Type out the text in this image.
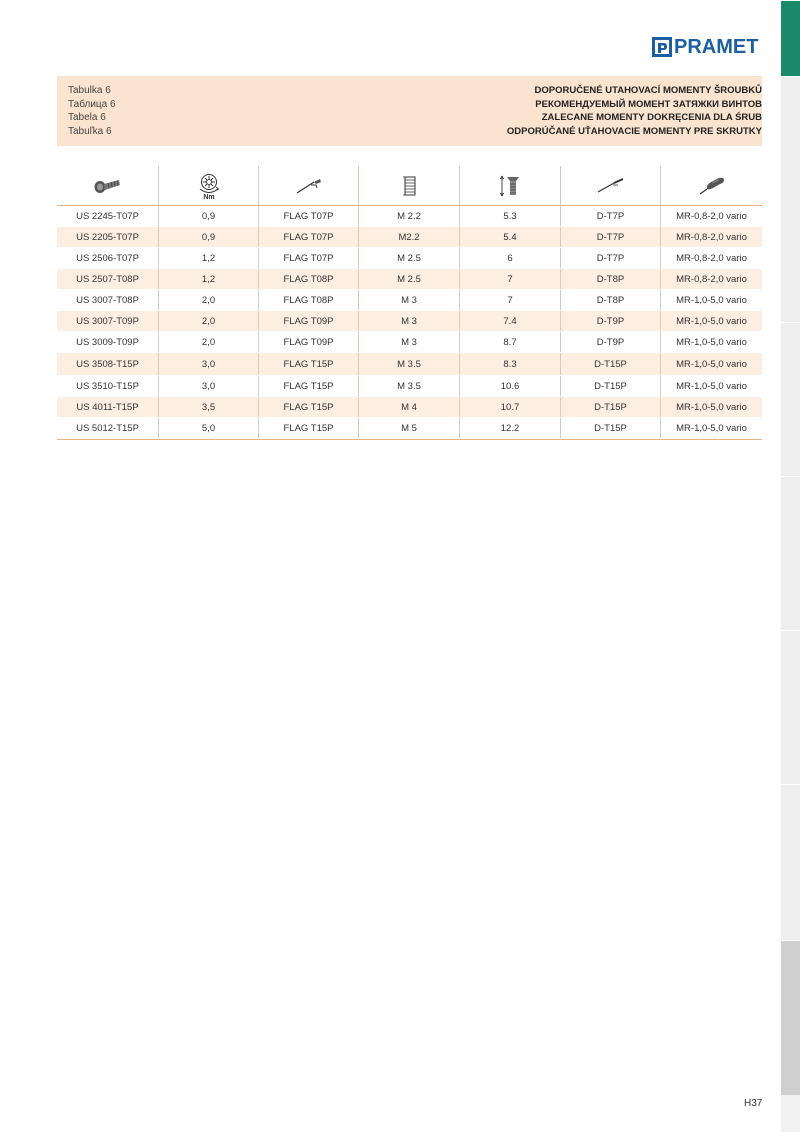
PRAMET
Tabulka 6
Таблица 6
Tabela 6
Tabuľka 6
DOPORUČENÉ UTAHOVACÍ MOMENTY ŠROUBKŮ
РЕКОМЕНДУЕМЫЙ МОМЕНТ ЗАТЯЖКИ ВИНТОВ
ZALECANE MOMENTY DOKRĘCENIA DLA ŚRUB
ODPORÚČANÉ UŤAHOVACIE MOMENTY PRE SKRUTKY
Nm
US 2245-T07P	0,9	FLAG T07P	M 2.2	5.3	D-T7P	MR-0,8-2,0 vario
US 2205-T07P	0,9	FLAG T07P	M2.2	5.4	D-T7P	MR-0,8-2,0 vario
US 2506-T07P	1,2	FLAG T07P	M 2.5	6	D-T7P	MR-0,8-2,0 vario
US 2507-T08P	1,2	FLAG T08P	M 2.5	7	D-T8P	MR-0,8-2,0 vario
US 3007-T08P	2,0	FLAG T08P	M 3	7	D-T8P	MR-1,0-5,0 vario
US 3007-T09P	2,0	FLAG T09P	M 3	7.4	D-T9P	MR-1,0-5,0 vario
US 3009-T09P	2,0	FLAG T09P	M 3	8.7	D-T9P	MR-1,0-5,0 vario
US 3508-T15P	3,0	FLAG T15P	M 3.5	8.3	D-T15P	MR-1,0-5,0 vario
US 3510-T15P	3,0	FLAG T15P	M 3.5	10.6	D-T15P	MR-1,0-5,0 vario
US 4011-T15P	3,5	FLAG T15P	M 4	10.7	D-T15P	MR-1,0-5,0 vario
US 5012-T15P	5,0	FLAG T15P	M 5	12.2	D-T15P	MR-1,0-5,0 vario
H37
